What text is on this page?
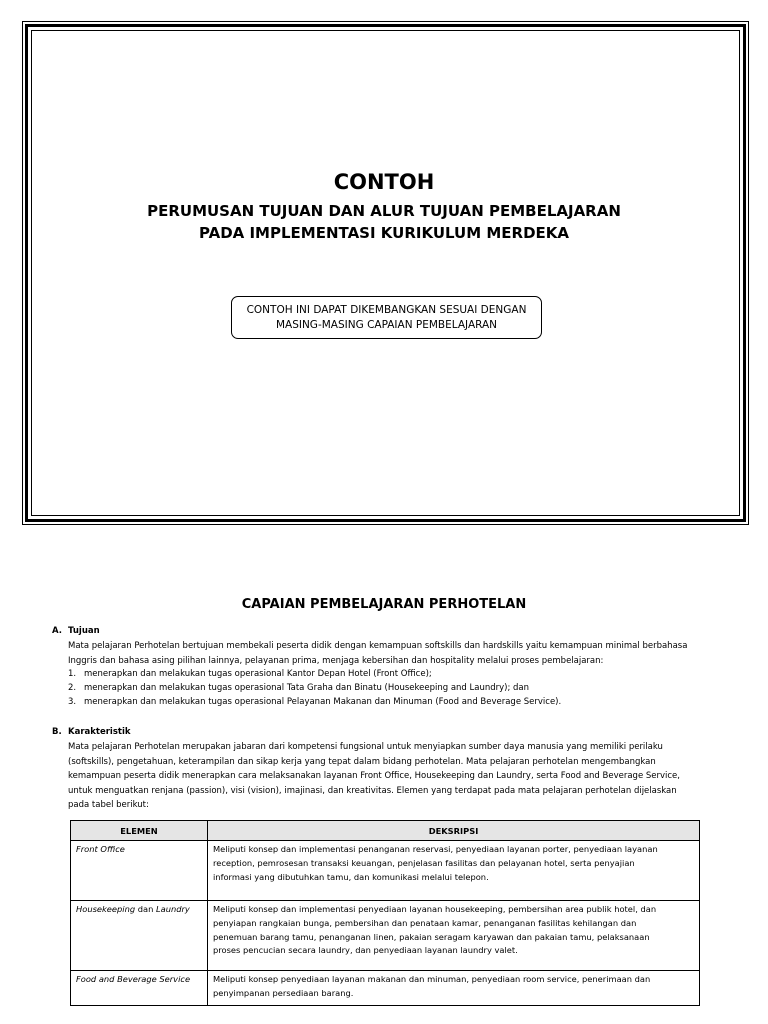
CONTOH
PERUMUSAN TUJUAN DAN ALUR TUJUAN PEMBELAJARAN
PADA IMPLEMENTASI KURIKULUM MERDEKA
CONTOH INI DAPAT DIKEMBANGKAN SESUAI DENGAN
MASING-MASING CAPAIAN PEMBELAJARAN
CAPAIAN PEMBELAJARAN PERHOTELAN
A. Tujuan
Mata pelajaran Perhotelan bertujuan membekali peserta didik dengan kemampuan softskills dan hardskills yaitu kemampuan minimal berbahasa
Inggris dan bahasa asing pilihan lainnya, pelayanan prima, menjaga kebersihan dan hospitality melalui proses pembelajaran:
1. menerapkan dan melakukan tugas operasional Kantor Depan Hotel (Front Office);
2. menerapkan dan melakukan tugas operasional Tata Graha dan Binatu (Housekeeping and Laundry); dan
3. menerapkan dan melakukan tugas operasional Pelayanan Makanan dan Minuman (Food and Beverage Service).
B. Karakteristik
Mata pelajaran Perhotelan merupakan jabaran dari kompetensi fungsional untuk menyiapkan sumber daya manusia yang memiliki perilaku
(softskills), pengetahuan, keterampilan dan sikap kerja yang tepat dalam bidang perhotelan. Mata pelajaran perhotelan mengembangkan
kemampuan peserta didik menerapkan cara melaksanakan layanan Front Office, Housekeeping dan Laundry, serta Food and Beverage Service,
untuk menguatkan renjana (passion), visi (vision), imajinasi, dan kreativitas. Elemen yang terdapat pada mata pelajaran perhotelan dijelaskan
pada tabel berikut:
ELEMEN	DEKSRIPSI
Front Office	Meliputi konsep dan implementasi penanganan reservasi, penyediaan layanan porter, penyediaan layanan
reception, pemrosesan transaksi keuangan, penjelasan fasilitas dan pelayanan hotel, serta penyajian
informasi yang dibutuhkan tamu, dan komunikasi melalui telepon.

Housekeeping dan Laundry	Meliputi konsep dan implementasi penyediaan layanan housekeeping, pembersihan area publik hotel, dan
penyiapan rangkaian bunga, pembersihan dan penataan kamar, penanganan fasilitas kehilangan dan
penemuan barang tamu, penanganan linen, pakaian seragam karyawan dan pakaian tamu, pelaksanaan
proses pencucian secara laundry, dan penyediaan layanan laundry valet.

Food and Beverage Service	Meliputi konsep penyediaan layanan makanan dan minuman, penyediaan room service, penerimaan dan
penyimpanan persediaan barang.
